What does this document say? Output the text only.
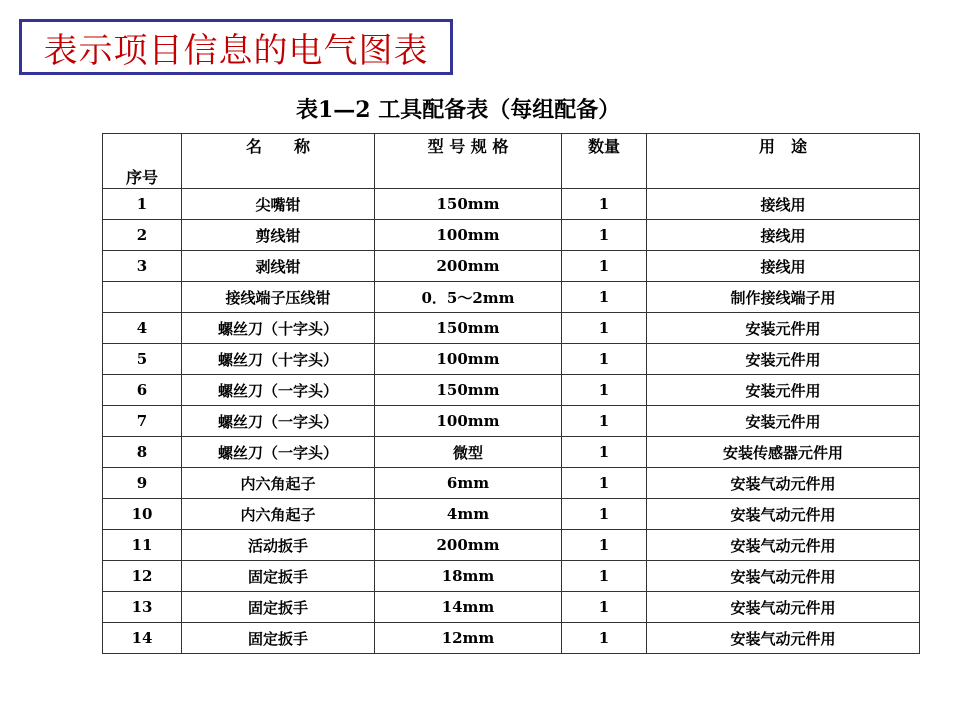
表示项目信息的电气图表
表1—2 工具配备表（每组配备）
序号	名　　称	型 号 规 格	数量	用　途
1	尖嘴钳	150mm	1	接线用
2	剪线钳	100mm	1	接线用
3	剥线钳	200mm	1	接线用
	接线端子压线钳	0．5～2mm	1	制作接线端子用
4	螺丝刀（十字头）	150mm	1	安装元件用
5	螺丝刀（十字头）	100mm	1	安装元件用
6	螺丝刀（一字头）	150mm	1	安装元件用
7	螺丝刀（一字头）	100mm	1	安装元件用
8	螺丝刀（一字头）	微型	1	安装传感器元件用
9	内六角起子	6mm	1	安装气动元件用
10	内六角起子	4mm	1	安装气动元件用
11	活动扳手	200mm	1	安装气动元件用
12	固定扳手	18mm	1	安装气动元件用
13	固定扳手	14mm	1	安装气动元件用
14	固定扳手	12mm	1	安装气动元件用
